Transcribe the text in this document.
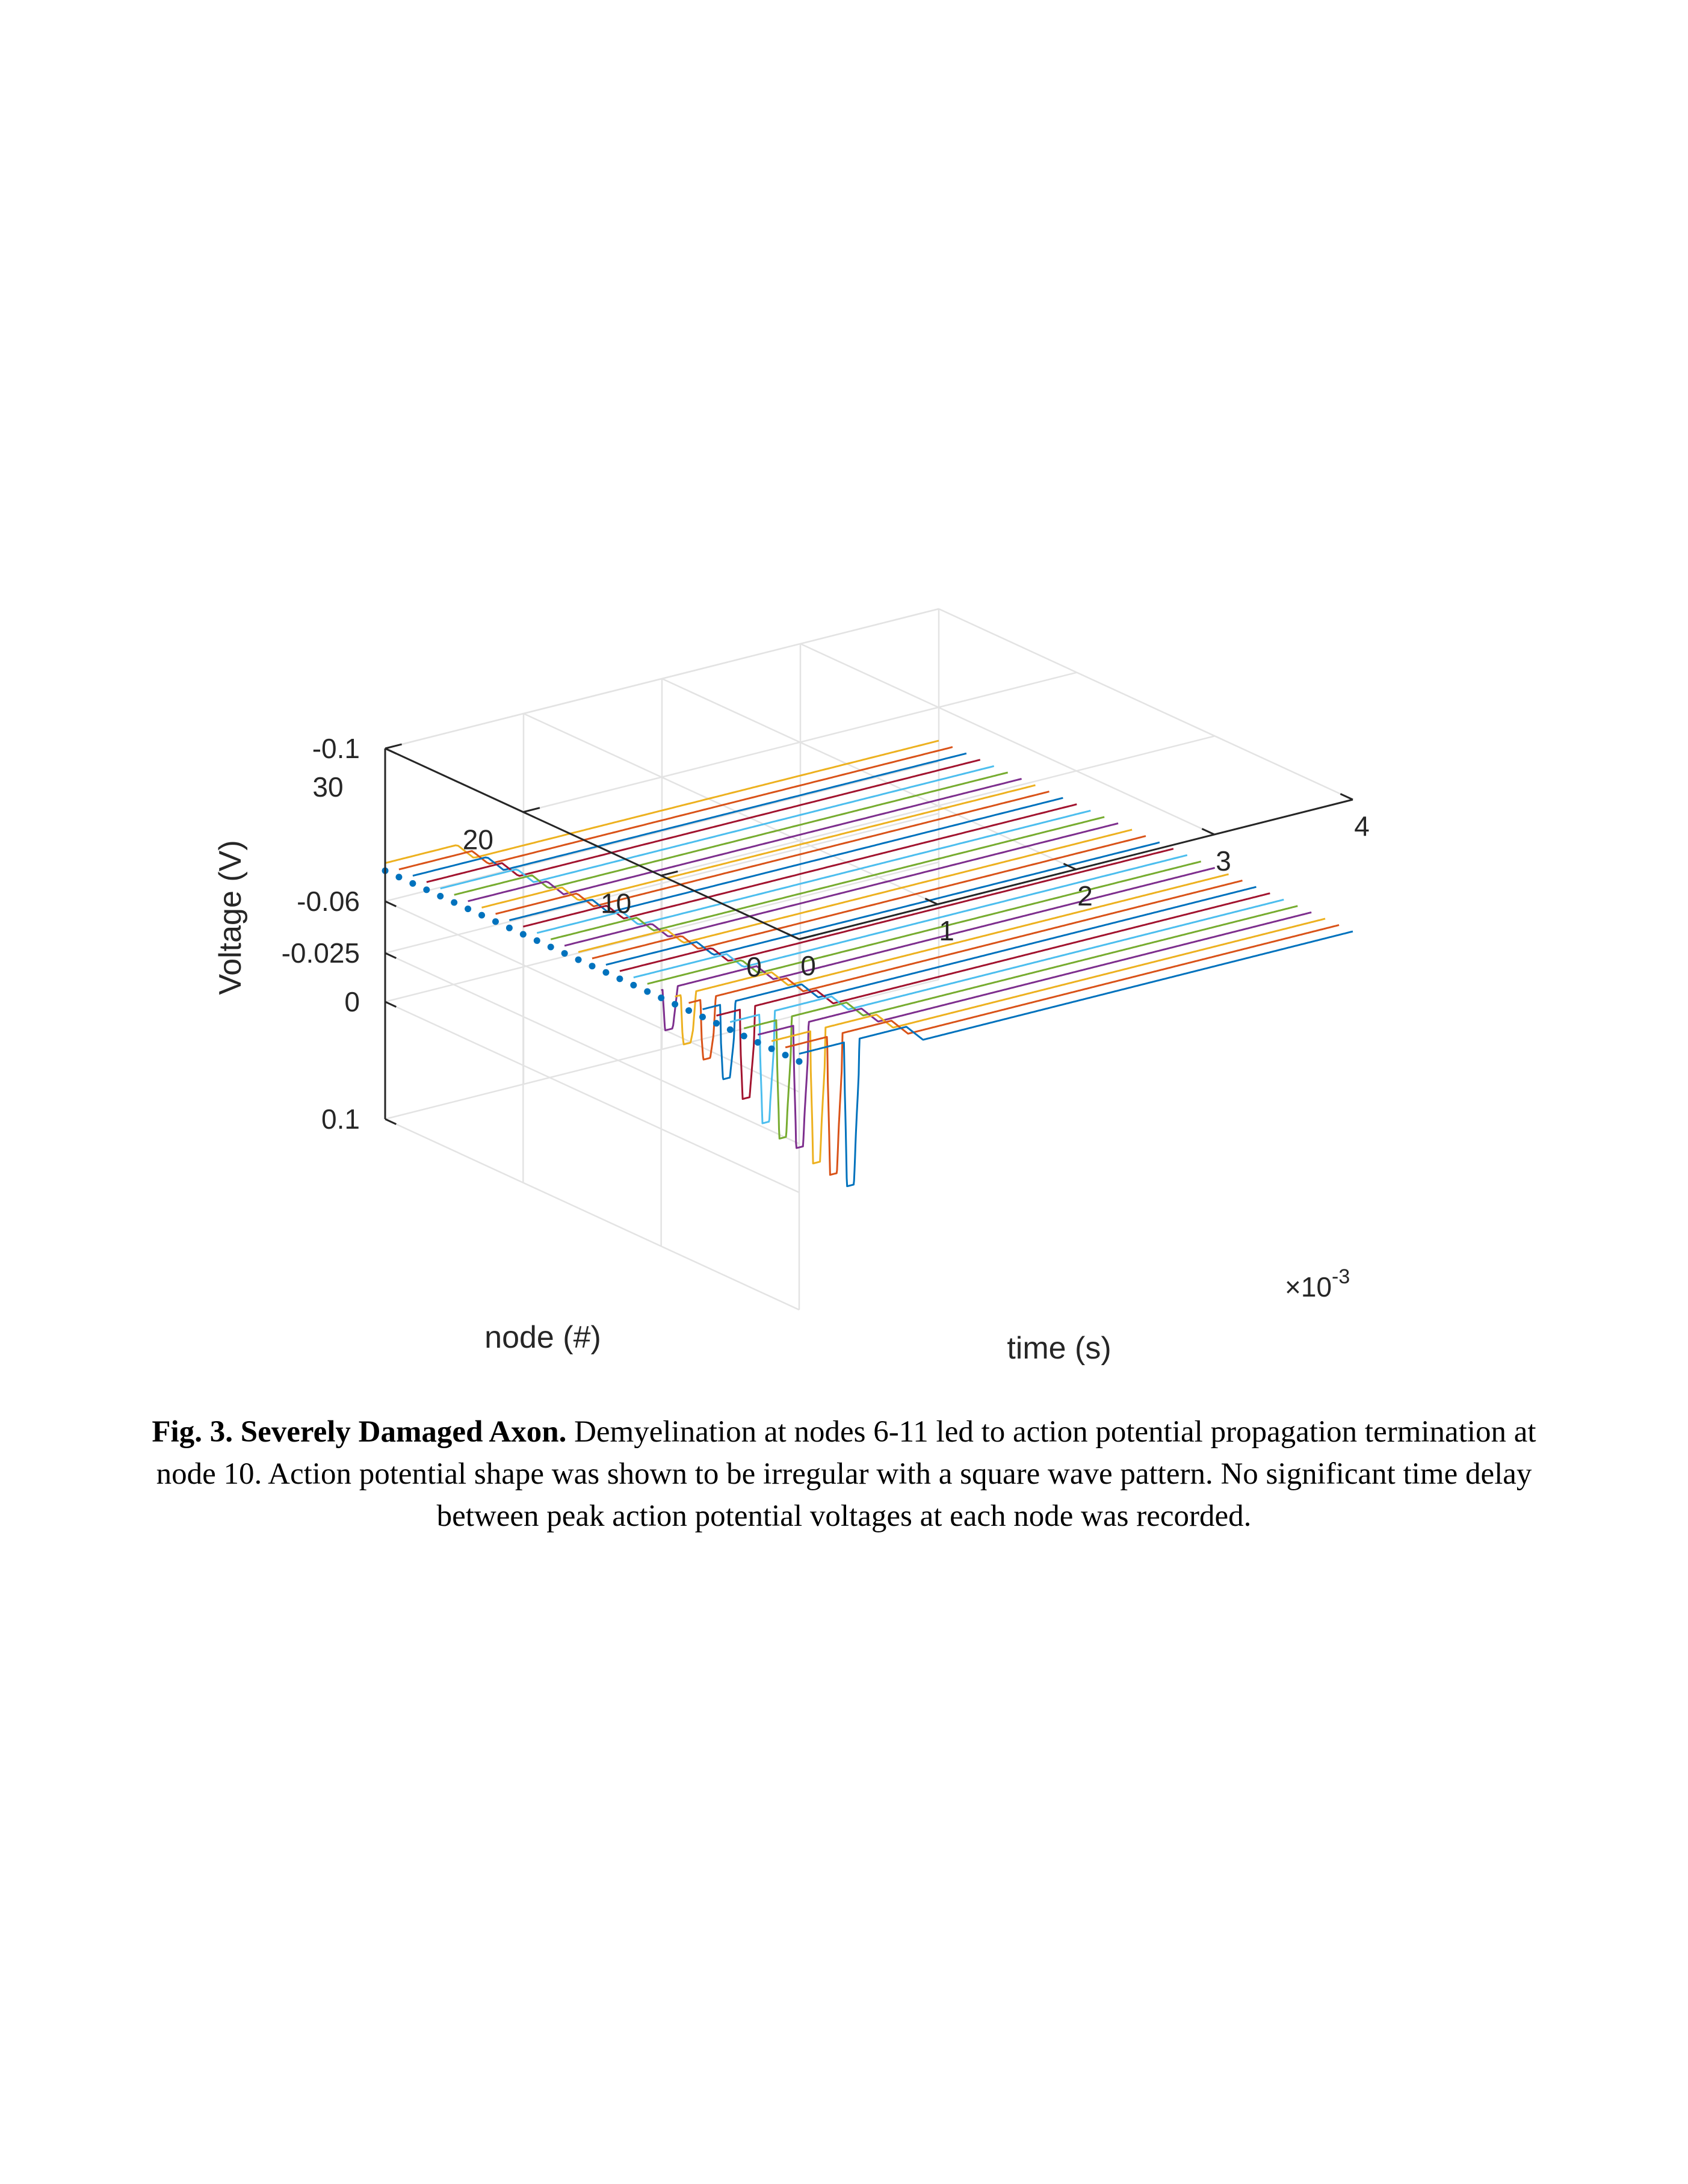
0
1
2
3
4
0
10
20
30
-0.1
-0.06
-0.025
0
0.1
Voltage (V)
node (#)	time (s)
$\times 10^{-3}$

Fig. 3. Severely Damaged Axon. Demyelination at nodes 6-11 led to action potential propagation termination at node 10. Action potential shape was shown to be irregular with a square wave pattern. No significant time delay between peak action potential voltages at each node was recorded.
